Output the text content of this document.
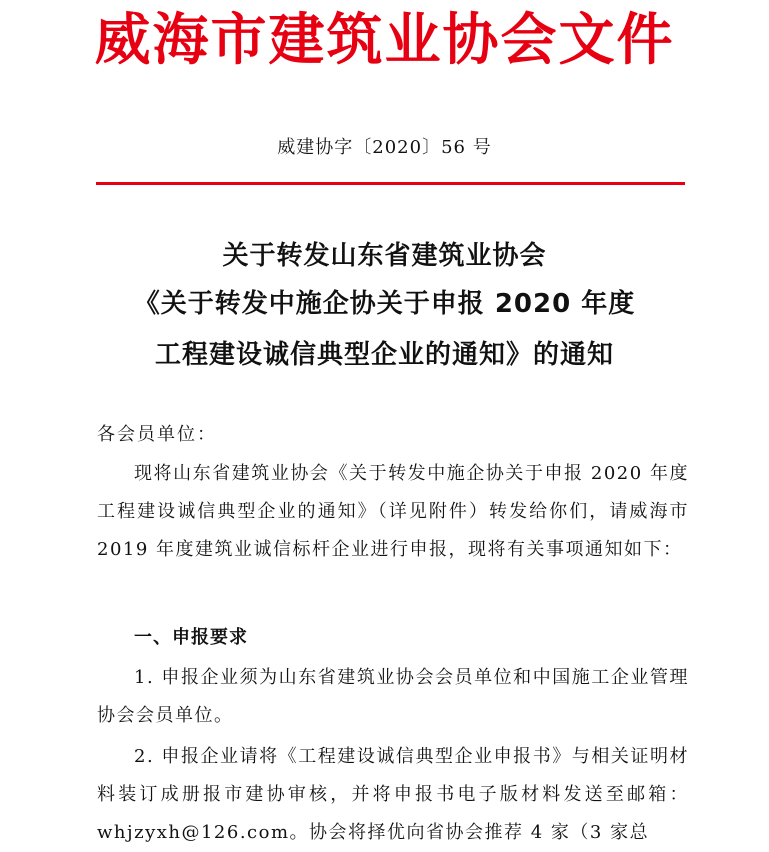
威海市建筑业协会文件
威建协字〔2020〕56 号
关于转发山东省建筑业协会
《关于转发中施企协关于申报 2020 年度
工程建设诚信典型企业的通知》的通知
各会员单位：

现将山东省建筑业协会《关于转发中施企协关于申报 2020 年度工程建设诚信典型企业的通知》（详见附件）转发给你们，请威海市 2019 年度建筑业诚信标杆企业进行申报，现将有关事项通知如下：

一、申报要求

1. 申报企业须为山东省建筑业协会会员单位和中国施工企业管理协会会员单位。

2. 申报企业请将《工程建设诚信典型企业申报书》与相关证明材料装订成册报市建协审核，并将申报书电子版材料发送至邮箱：whjzyxh@126.com。协会将择优向省协会推荐 4 家（3 家总
